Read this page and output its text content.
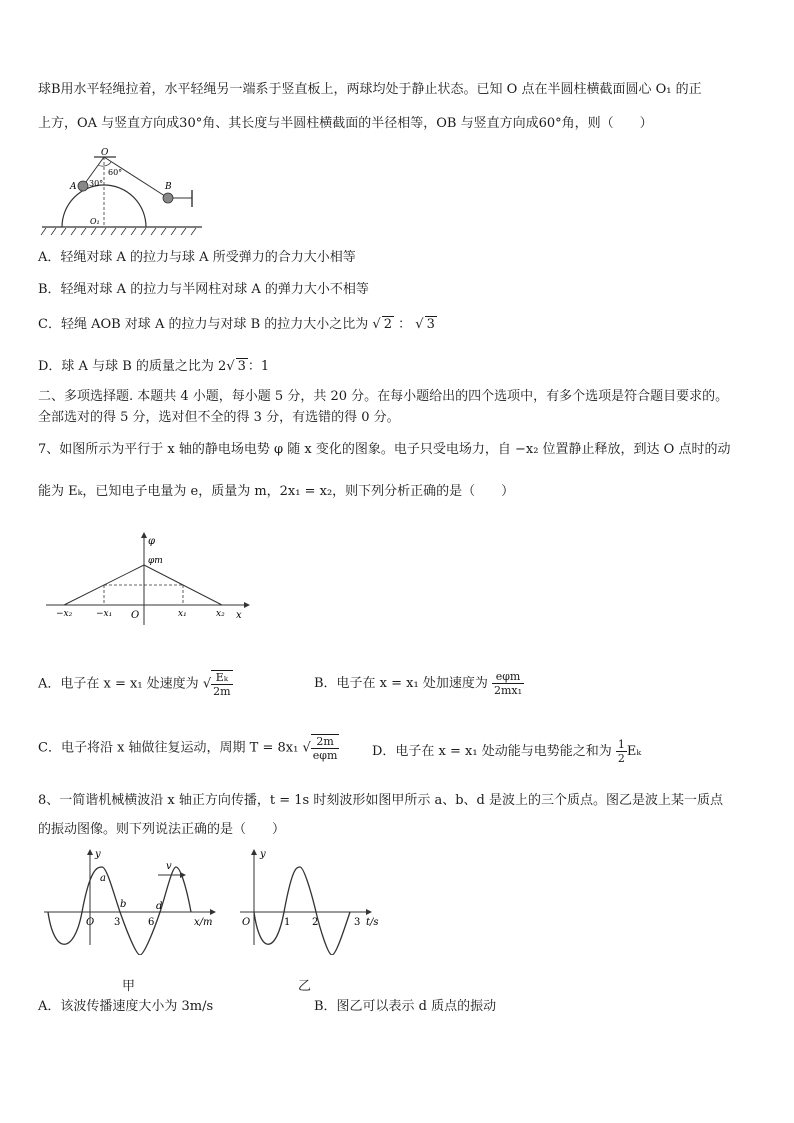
球B用水平轻绳拉着，水平轻绳另一端系于竖直板上，两球均处于静止状态。已知 O 点在半圆柱横截面圆心 O₁ 的正
上方，OA 与竖直方向成30°角、其长度与半圆柱横截面的半径相等，OB 与竖直方向成60°角，则（　　）
O
A	B
O₁
30°
60°
A．轻绳对球 A 的拉力与球 A 所受弹力的合力大小相等
B．轻绳对球 A 的拉力与半网柱对球 A 的弹力大小不相等
C．轻绳 AOB 对球 A 的拉力与对球 B 的拉力大小之比为 √ 2 ： √ 3
D．球 A 与球 B 的质量之比为 2√ 3 ：1
二、多项选择题. 本题共 4 小题，每小题 5 分，共 20 分。在每小题给出的四个选项中，有多个选项是符合题目要求的。
全部选对的得 5 分，选对但不全的得 3 分，有选错的得 0 分。
7、如图所示为平行于 x 轴的静电场电势 φ 随 x 变化的图象。电子只受电场力，自 −x₂ 位置静止释放，到达 O 点时的动
能为 Eₖ，已知电子电量为 e，质量为 m，2x₁ = x₂，则下列分析正确的是（　　）
φ
φm
O	x
−x₂	−x₁	x₁	x₂
A．电子在 x = x₁ 处速度为 √ $\frac{\text{Eₖ}}{2m}$	B．电子在 x = x₁ 处加速度为 $\frac{\text{eφm}}{\text{2mx₁}}$
C．电子将沿 x 轴做往复运动，周期 T = 8x₁ √ $\frac{2m}{\text{eφm}}$	D．电子在 x = x₁ 处动能与电势能之和为 $\frac{1}{2}$ Eₖ
8、一简谐机械横波沿 x 轴正方向传播，t = 1s 时刻波形如图甲所示 a、b、d 是波上的三个质点。图乙是波上某一质点
的振动图像。则下列说法正确的是（　　）
v
y
a
b	d
O 3	6	x/m
y
O	1 2	3 t/s
甲	乙
A．该波传播速度大小为 3m/s	B．图乙可以表示 d 质点的振动
